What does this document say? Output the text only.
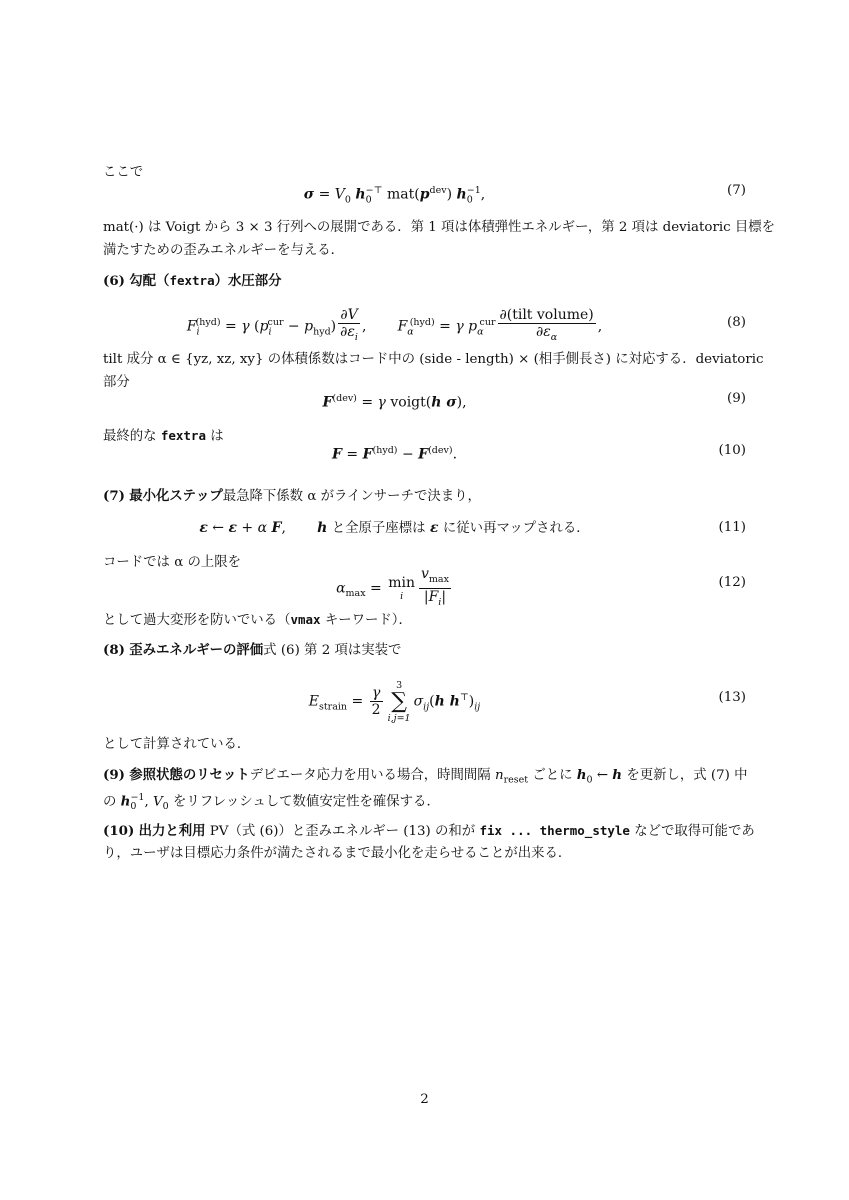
ここで
$\sigma = V_0$ $h_0^{-⊤}$ $mat(p^{dev})$ $h_0^{-1}$,	(7)
mat(·) は Voigt から 3 × 3 行列への展開である．第 1 項は体積弾性エネルギー，第 2 項は deviatoric 目標を
満たすための歪みエネルギーを与える．
(6) 勾配（fextra）水圧部分
$F_i^{(hyd)} = \gamma$ $(p_i^{cur} - p_{hyd}) \frac{\partial V}{\partial\varepsilon_i}$ ,       $F_\alpha^{(hyd)} = \gamma$ $p_\alpha^{cur} \frac{\text{∂(tilt volume)}}{\partial\varepsilon_\alpha}$ ,	(8)
tilt 成分 α ∈ {yz, xz, xy} の体積係数はコード中の (side ‐ length) × (相手側長さ) に対応する．deviatoric
部分
$F^{(dev)} = \gamma$ voigt(h σ),	(9)
最終的な fextra は
$F = F^{(hyd)} - F^{(dev)}$.	(10)
(7) 最小化ステップ最急降下係数 α がラインサーチで決まり，
ε ← ε + α F,       h と全原子座標は ε に従い再マップされる．	(11)
コードでは α の上限を
$\alpha_{max} = \min$
i $\frac{v_{max}}{|F_i|}$	(12)
として過大変形を防いでいる（vmax キーワード）．
(8) 歪みエネルギーの評価式 (6) 第 2 項は実装で
$E_{strain} = \frac{\gamma}{2} 3$
∑
i,j=1
$\sigma_{ij}(h$ $h^⊤)_{ij}$
(13)
として計算されている．
(9) 参照状態のリセットデビエータ応力を用いる場合，時間間隔 $n_{reset}$ ごとに $h_0$ ← h を更新し，式 (7) 中
の $h_0^{-1}$, $V_0$ をリフレッシュして数値安定性を確保する．
(10) 出力と利用 PV（式 (6)）と歪みエネルギー (13) の和が fix ... thermo_style などで取得可能であ
り，ユーザは目標応力条件が満たされるまで最小化を走らせることが出来る．
2
